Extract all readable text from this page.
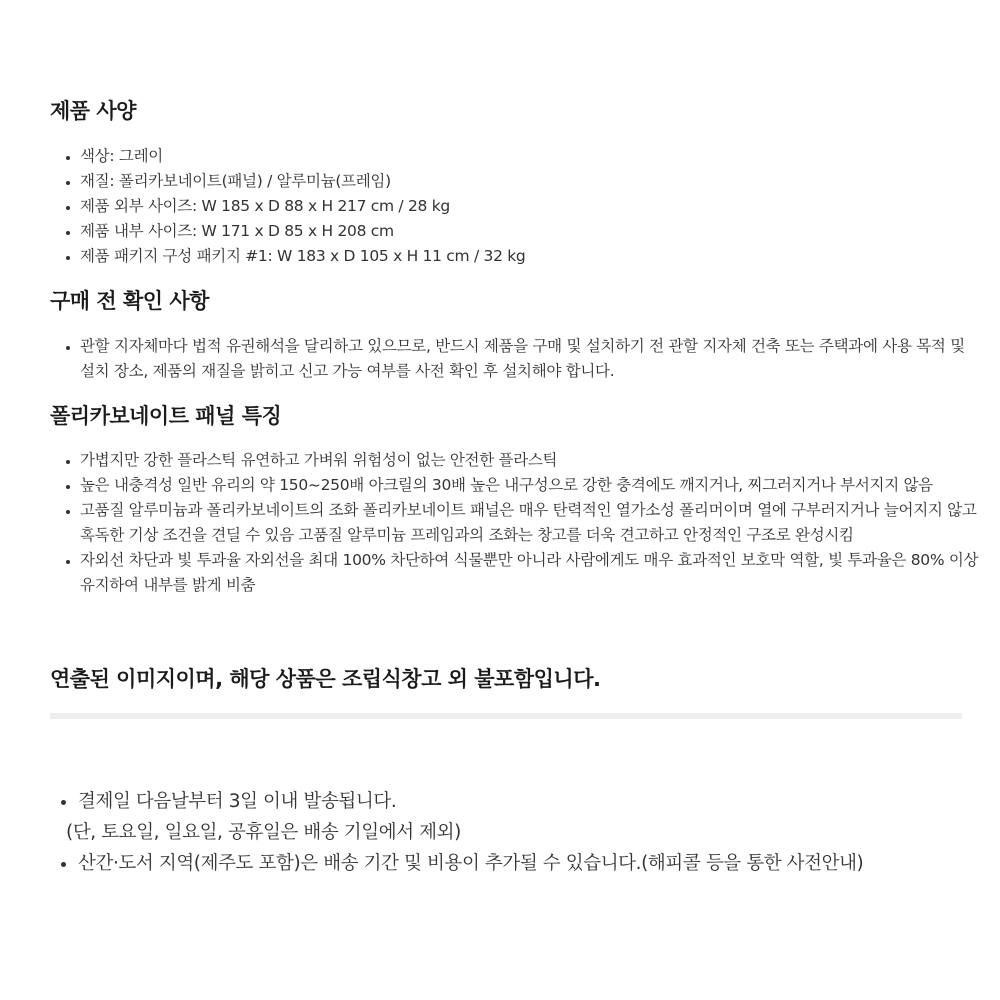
제품 사양
• 색상: 그레이
• 재질: 폴리카보네이트(패널) / 알루미늄(프레임)
• 제품 외부 사이즈: W 185 x D 88 x H 217 cm / 28 kg
• 제품 내부 사이즈: W 171 x D 85 x H 208 cm
• 제품 패키지 구성 패키지 #1: W 183 x D 105 x H 11 cm / 32 kg
구매 전 확인 사항
• 관할 지자체마다 법적 유권해석을 달리하고 있으므로, 반드시 제품을 구매 및 설치하기 전 관할 지자체 건축 또는 주택과에 사용 목적 및 설치 장소, 제품의 재질을 밝히고 신고 가능 여부를 사전 확인 후 설치해야 합니다.
폴리카보네이트 패널 특징
• 가볍지만 강한 플라스틱 유연하고 가벼워 위험성이 없는 안전한 플라스틱
• 높은 내충격성 일반 유리의 약 150~250배 아크릴의 30배 높은 내구성으로 강한 충격에도 깨지거나, 찌그러지거나 부서지지 않음
• 고품질 알루미늄과 폴리카보네이트의 조화 폴리카보네이트 패널은 매우 탄력적인 열가소성 폴리머이며 열에 구부러지거나 늘어지지 않고 혹독한 기상 조건을 견딜 수 있음 고품질 알루미늄 프레임과의 조화는 창고를 더욱 견고하고 안정적인 구조로 완성시킴
• 자외선 차단과 빛 투과율 자외선을 최대 100% 차단하여 식물뿐만 아니라 사람에게도 매우 효과적인 보호막 역할, 빛 투과율은 80% 이상 유지하여 내부를 밝게 비춤
연출된 이미지이며, 해당 상품은 조립식창고 외 불포함입니다.
• 결제일 다음날부터 3일 이내 발송됩니다.
(단, 토요일, 일요일, 공휴일은 배송 기일에서 제외)
• 산간·도서 지역(제주도 포함)은 배송 기간 및 비용이 추가될 수 있습니다.(해피콜 등을 통한 사전안내)
